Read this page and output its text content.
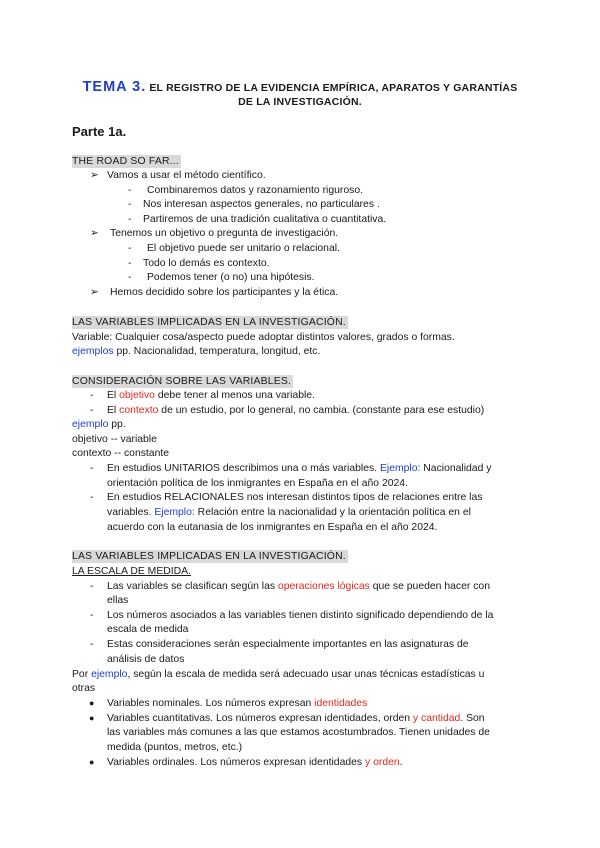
TEMA 3. EL REGISTRO DE LA EVIDENCIA EMPÍRICA, APARATOS Y GARANTÍAS
DE LA INVESTIGACIÓN.
Parte 1a.
THE ROAD SO FAR...
➢ Vamos a usar el método científico.
- Combinaremos datos y razonamiento riguroso.
- Nos interesan aspectos generales, no particulares .
- Partiremos de una tradición cualitativa o cuantitativa.
➢ Tenemos un objetivo o pregunta de investigación.
- El objetivo puede ser unitario o relacional.
- Todo lo demás es contexto.
- Podemos tener (o no) una hipótesis.
➢ Hemos decidido sobre los participantes y la ética.
LAS VARIABLES IMPLICADAS EN LA INVESTIGACIÓN.
Variable: Cualquier cosa/aspecto puede adoptar distintos valores, grados o formas.
ejemplos pp. Nacionalidad, temperatura, longitud, etc.
CONSIDERACIÓN SOBRE LAS VARIABLES.
- El objetivo debe tener al menos una variable.
- El contexto de un estudio, por lo general, no cambia. (constante para ese estudio)
ejemplo pp.
objetivo -- variable
contexto -- constante
- En estudios UNITARIOS describimos una o más variables. Ejemplo: Nacionalidad y
orientación política de los inmigrantes en España en el año 2024.
- En estudios RELACIONALES nos interesan distintos tipos de relaciones entre las
variables. Ejemplo: Relación entre la nacionalidad y la orientación política en el
acuerdo con la eutanasia de los inmigrantes en España en el año 2024.
LAS VARIABLES IMPLICADAS EN LA INVESTIGACIÓN.
LA ESCALA DE MEDIDA.
- Las variables se clasifican según las operaciones lógicas que se pueden hacer con
ellas
- Los números asociados a las variables tienen distinto significado dependiendo de la
escala de medida
- Estas consideraciones serán especialmente importantes en las asignaturas de
análisis de datos
Por ejemplo, según la escala de medida será adecuado usar unas técnicas estadísticas u
otras
● Variables nominales. Los números expresan identidades
● Variables cuantitativas. Los números expresan identidades, orden y cantidad. Son
las variables más comunes a las que estamos acostumbrados. Tienen unidades de
medida (puntos, metros, etc.)
● Variables ordinales. Los números expresan identidades y orden.
